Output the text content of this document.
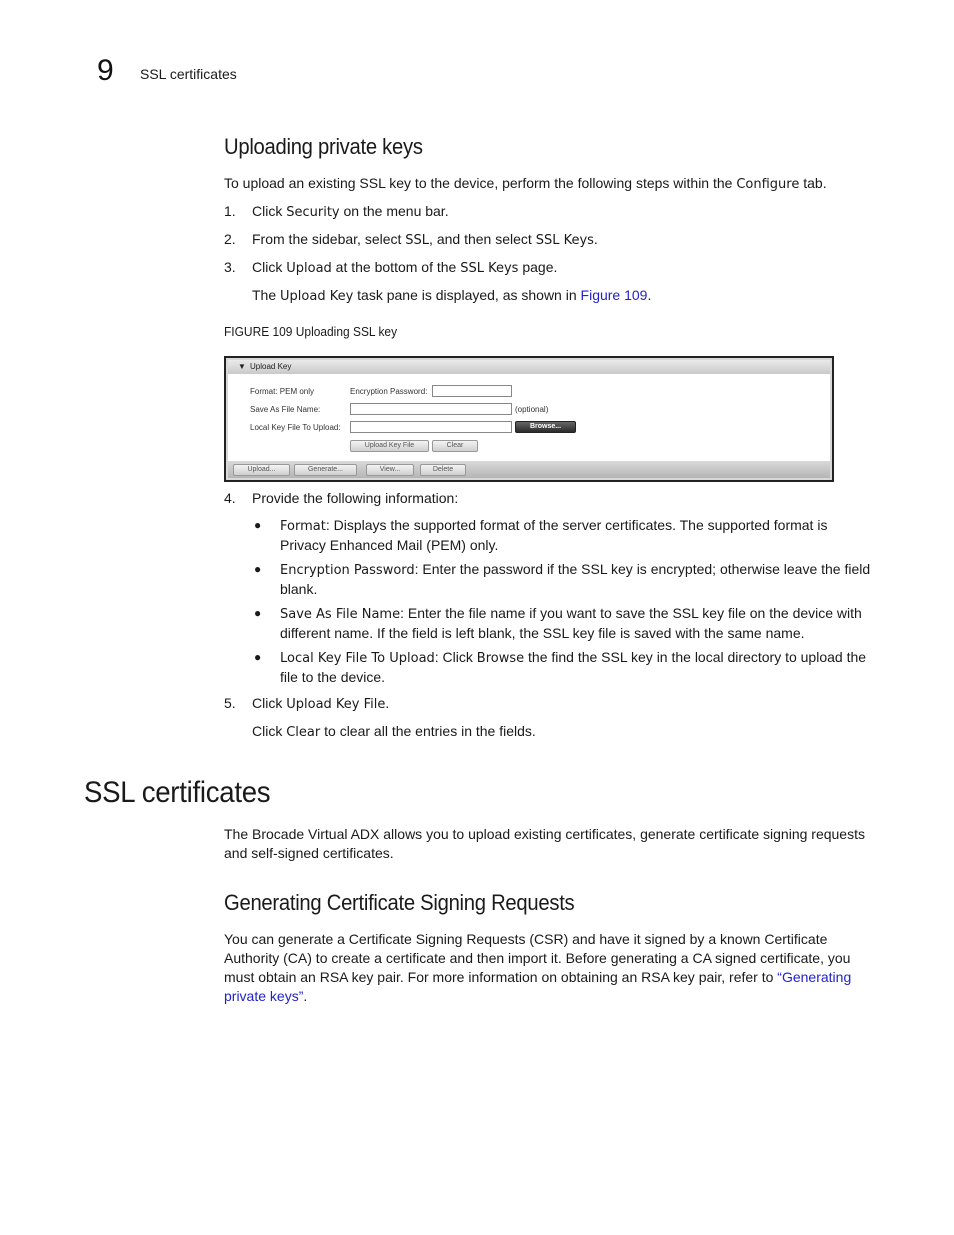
9 SSL certificates
Uploading private keys

To upload an existing SSL key to the device, perform the following steps within the Configure tab.

1. Click Security on the menu bar.

2. From the sidebar, select SSL, and then select SSL Keys.

3. Click Upload at the bottom of the SSL Keys page.

The Upload Key task pane is displayed, as shown in Figure 109.

FIGURE 109 Uploading SSL key
▼ Upload Key
Format: PEM only	Encryption Password:
Save As File Name:	(optional)
Local Key File To Upload:	Browse...
Upload Key File	Clear
Upload...	Generate...	View...	Delete
4. Provide the following information:

● Format: Displays the supported format of the server certificates. The supported format is Privacy Enhanced Mail (PEM) only.

● Encryption Password: Enter the password if the SSL key is encrypted; otherwise leave the field blank.

● Save As File Name: Enter the file name if you want to save the SSL key file on the device with different name. If the field is left blank, the SSL key file is saved with the same name.

● Local Key File To Upload: Click Browse the find the SSL key in the local directory to upload the file to the device.

5. Click Upload Key File.

Click Clear to clear all the entries in the fields.

SSL certificates

The Brocade Virtual ADX allows you to upload existing certificates, generate certificate signing requests and self-signed certificates.

Generating Certificate Signing Requests

You can generate a Certificate Signing Requests (CSR) and have it signed by a known Certificate Authority (CA) to create a certificate and then import it. Before generating a CA signed certificate, you must obtain an RSA key pair. For more information on obtaining an RSA key pair, refer to “Generating private keys”.
